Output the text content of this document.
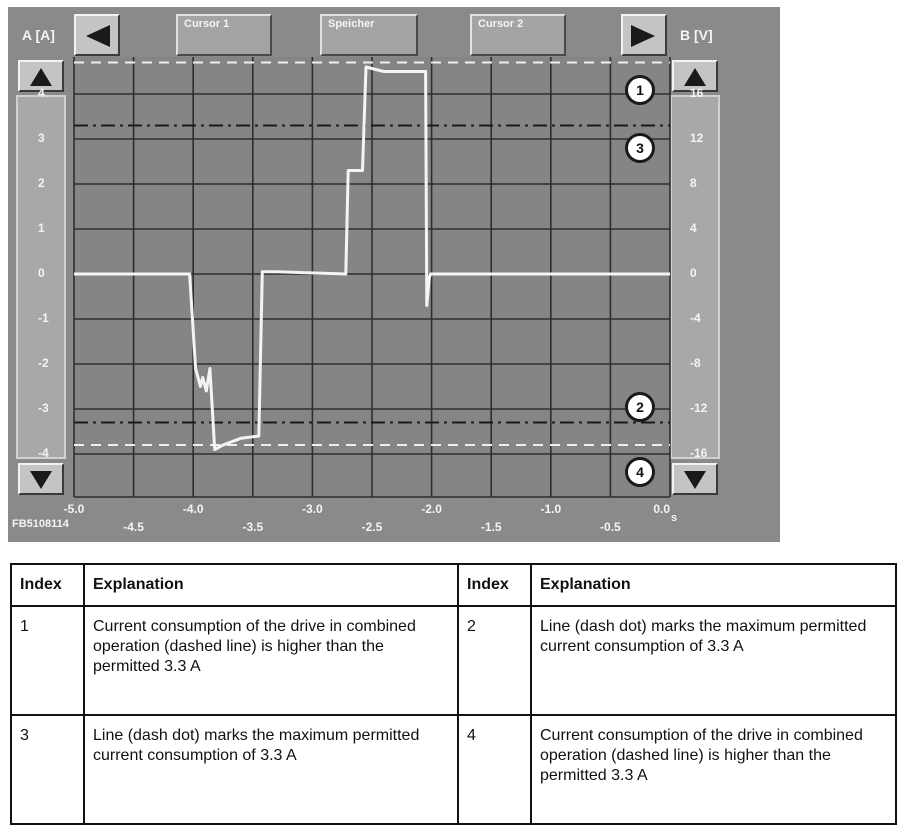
A [A]	B [V]
Cursor 1	Speicher	Cursor 2
-5.0	-4.0	-3.0	-2.0	-1.0	0.0
-4.5	-3.5	-2.5	-1.5	-0.5
4
3
2
1
0
-1
-2
-3
-4
16
12
8
4
0
-4
-8
-12
-16
1
3
2
4
FB5108114	s
Index	Explanation	Index	Explanation
1	Current consumption of the drive in combined operation (dashed line) is higher than the permitted 3.3 A	2	Line (dash dot) marks the maximum permitted current consumption of 3.3 A
3	Line (dash dot) marks the maximum permitted current consumption of 3.3 A	4	Current consumption of the drive in combined operation (dashed line) is higher than the permitted 3.3 A
